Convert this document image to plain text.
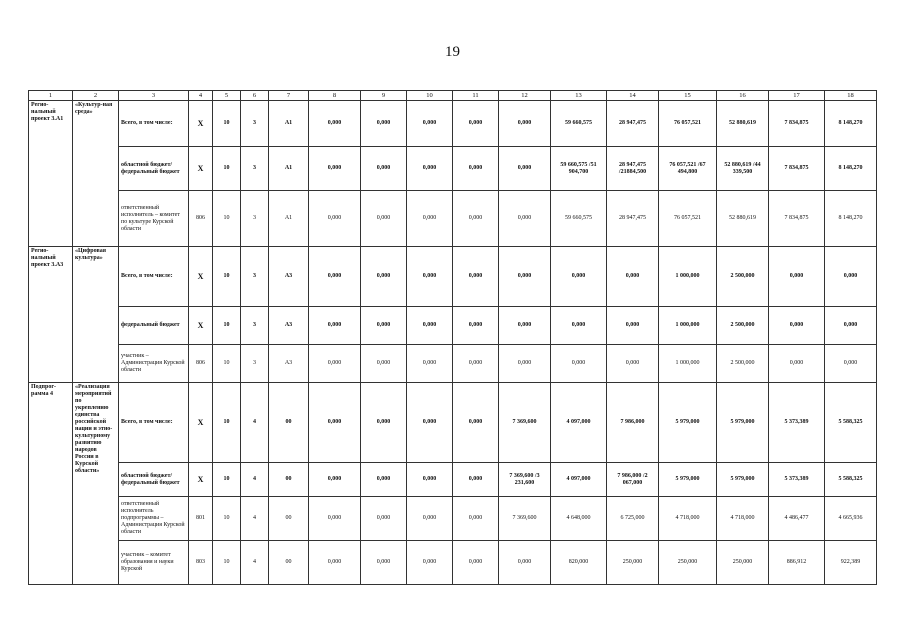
19
1	2	3	4	5	6	7	8	9	10	11	12	13	14	15	16	17	18
Регио-нальный проект 3.А1	«Культур-ная среда»	Всего, в том числе:	Х	10	3	А1	0,000	0,000	0,000	0,000	0,000	59 660,575	28 947,475	76 057,521	52 880,619	7 834,875	8 148,270
		областной бюджет/ федеральный бюджет	Х	10	3	А1	0,000	0,000	0,000	0,000	0,000	59 660,575 /51 904,700	28 947,475 /21884,500	76 057,521 /67 494,800	52 880,619 /44 339,500	7 834,875	8 148,270
		ответственный исполнитель – комитет по культуре Курской области	806	10	3	А1	0,000	0,000	0,000	0,000	0,000	59 660,575	28 947,475	76 057,521	52 880,619	7 834,875	8 148,270
Регио-нальный проект 3.А3	«Цифровая культура»	Всего, в том числе:	Х	10	3	А3	0,000	0,000	0,000	0,000	0,000	0,000	0,000	1 000,000	2 500,000	0,000	0,000
		федеральный бюджет	Х	10	3	А3	0,000	0,000	0,000	0,000	0,000	0,000	0,000	1 000,000	2 500,000	0,000	0,000
		участник – Администрация Курской области	806	10	3	А3	0,000	0,000	0,000	0,000	0,000	0,000	0,000	1 000,000	2 500,000	0,000	0,000
Подпрог-рамма 4	«Реализация мероприятий по укреплению единства российской нации и этно-культурному развитию народов России в Курской области»	Всего, в том числе:	Х	10	4	00	0,000	0,000	0,000	0,000	7 369,600	4 097,000	7 986,000	5 979,000	5 979,000	5 373,389	5 588,325
		областной бюджет/ федеральный бюджет	Х	10	4	00	0,000	0,000	0,000	0,000	7 369,600 /3 231,600	4 097,000	7 986,000 /2 067,000	5 979,000	5 979,000	5 373,389	5 588,325
		ответственный исполнитель подпрограммы – Администрация Курской области	801	10	4	00	0,000	0,000	0,000	0,000	7 369,600	4 648,000	6 725,000	4 718,000	4 718,000	4 486,477	4 665,936
		участник – комитет образования и науки Курской	803	10	4	00	0,000	0,000	0,000	0,000	0,000	820,000	250,000	250,000	250,000	886,912	922,389
